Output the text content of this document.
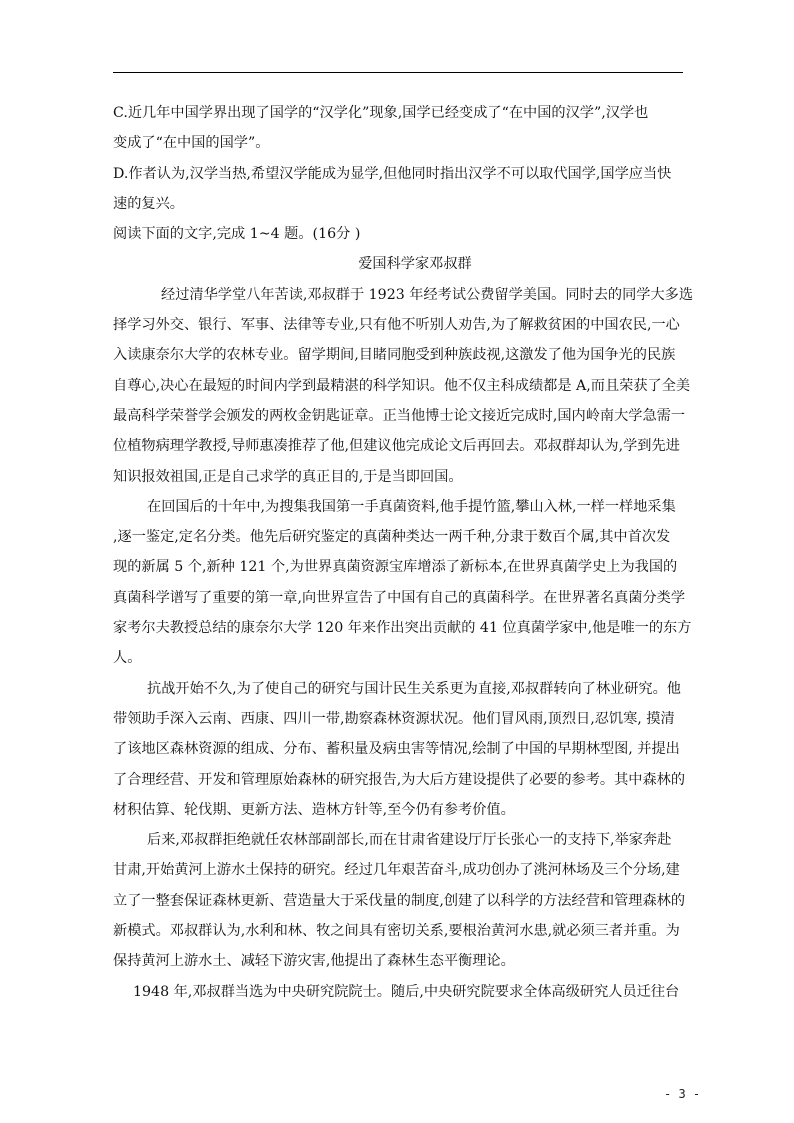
C.近几年中国学界出现了国学的“汉学化”现象,国学已经变成了“在中国的汉学”,汉学也
变成了“在中国的国学”。
D.作者认为,汉学当热,希望汉学能成为显学,但他同时指出汉学不可以取代国学,国学应当快
速的复兴。
阅读下面的文字,完成 1~4 题。(16分 )
爱国科学家邓叔群
经过清华学堂八年苦读,邓叔群于 1923 年经考试公费留学美国。同时去的同学大多选
择学习外交、银行、军事、法律等专业,只有他不听别人劝告,为了解救贫困的中国农民,一心
入读康奈尔大学的农林专业。留学期间,目睹同胞受到种族歧视,这激发了他为国争光的民族
自尊心,决心在最短的时间内学到最精湛的科学知识。他不仅主科成绩都是 A,而且荣获了全美
最高科学荣誉学会颁发的两枚金钥匙证章。正当他博士论文接近完成时,国内岭南大学急需一
位植物病理学教授,导师惠凑推荐了他,但建议他完成论文后再回去。邓叔群却认为,学到先进
知识报效祖国,正是自己求学的真正目的,于是当即回国。
在回国后的十年中,为搜集我国第一手真菌资料,他手提竹篮,攀山入林,一样一样地采集
,逐一鉴定,定名分类。他先后研究鉴定的真菌种类达一两千种,分隶于数百个属,其中首次发
现的新属 5 个,新种 121 个,为世界真菌资源宝库增添了新标本,在世界真菌学史上为我国的
真菌科学谱写了重要的第一章,向世界宣告了中国有自己的真菌科学。在世界著名真菌分类学
家考尔夫教授总结的康奈尔大学 120 年来作出突出贡献的 41 位真菌学家中,他是唯一的东方
人。
抗战开始不久,为了使自己的研究与国计民生关系更为直接,邓叔群转向了林业研究。他
带领助手深入云南、西康、四川一带,勘察森林资源状况。他们冒风雨,顶烈日,忍饥寒, 摸清
了该地区森林资源的组成、分布、蓄积量及病虫害等情况,绘制了中国的早期林型图, 并提出
了合理经营、开发和管理原始森林的研究报告,为大后方建设提供了必要的参考。其中森林的
材积估算、轮伐期、更新方法、造林方针等,至今仍有参考价值。
后来,邓叔群拒绝就任农林部副部长,而在甘肃省建设厅厅长张心一的支持下,举家奔赴
甘肃,开始黄河上游水土保持的研究。经过几年艰苦奋斗,成功创办了洮河林场及三个分场,建
立了一整套保证森林更新、营造量大于采伐量的制度,创建了以科学的方法经营和管理森林的
新模式。邓叔群认为,水利和林、牧之间具有密切关系,要根治黄河水患,就必须三者并重。为
保持黄河上游水土、减轻下游灾害,他提出了森林生态平衡理论。
1948 年,邓叔群当选为中央研究院院士。随后,中央研究院要求全体高级研究人员迁往台
- 3 -
